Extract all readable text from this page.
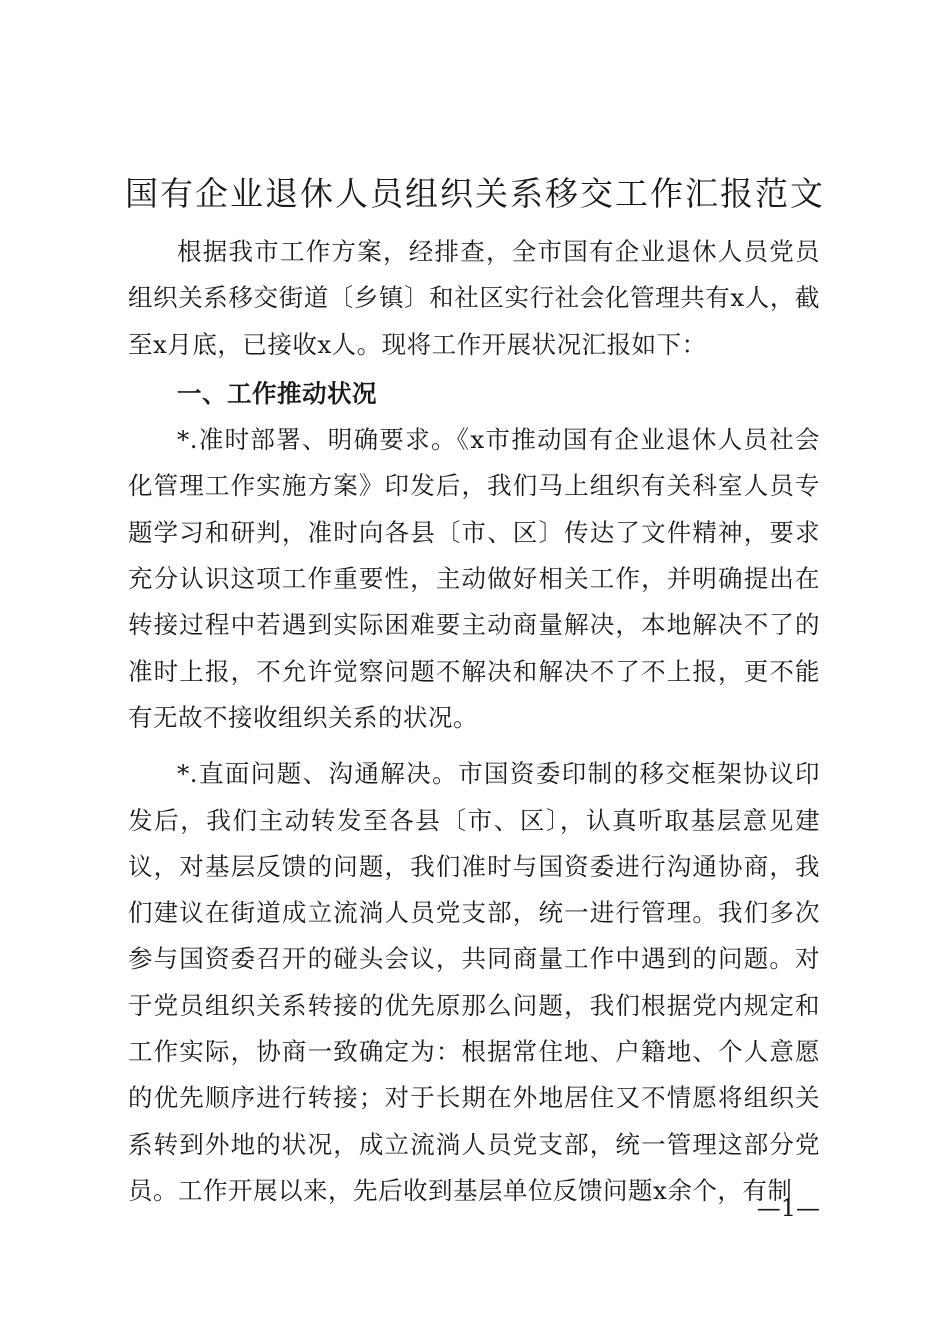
国有企业退休人员组织关系移交工作汇报范文

根据我市工作方案，经排查，全市国有企业退休人员党员组织关系移交街道〔乡镇〕和社区实行社会化管理共有x人，截至x月底，已接收x人。现将工作开展状况汇报如下：

一、工作推动状况

*.准时部署、明确要求。《x市推动国有企业退休人员社会化管理工作实施方案》印发后，我们马上组织有关科室人员专题学习和研判，准时向各县〔市、区〕传达了文件精神，要求充分认识这项工作重要性，主动做好相关工作，并明确提出在转接过程中若遇到实际困难要主动商量解决，本地解决不了的准时上报，不允许觉察问题不解决和解决不了不上报，更不能有无故不接收组织关系的状况。

*.直面问题、沟通解决。市国资委印制的移交框架协议印发后，我们主动转发至各县〔市、区〕，认真听取基层意见建议，对基层反馈的问题，我们准时与国资委进行沟通协商，我们建议在街道成立流淌人员党支部，统一进行管理。我们多次参与国资委召开的碰头会议，共同商量工作中遇到的问题。对于党员组织关系转接的优先原那么问题，我们根据党内规定和工作实际，协商一致确定为：根据常住地、户籍地、个人意愿的优先顺序进行转接；对于长期在外地居住又不情愿将组织关系转到外地的状况，成立流淌人员党支部，统一管理这部分党员。工作开展以来，先后收到基层单位反馈问题x余个，有制

—1—
